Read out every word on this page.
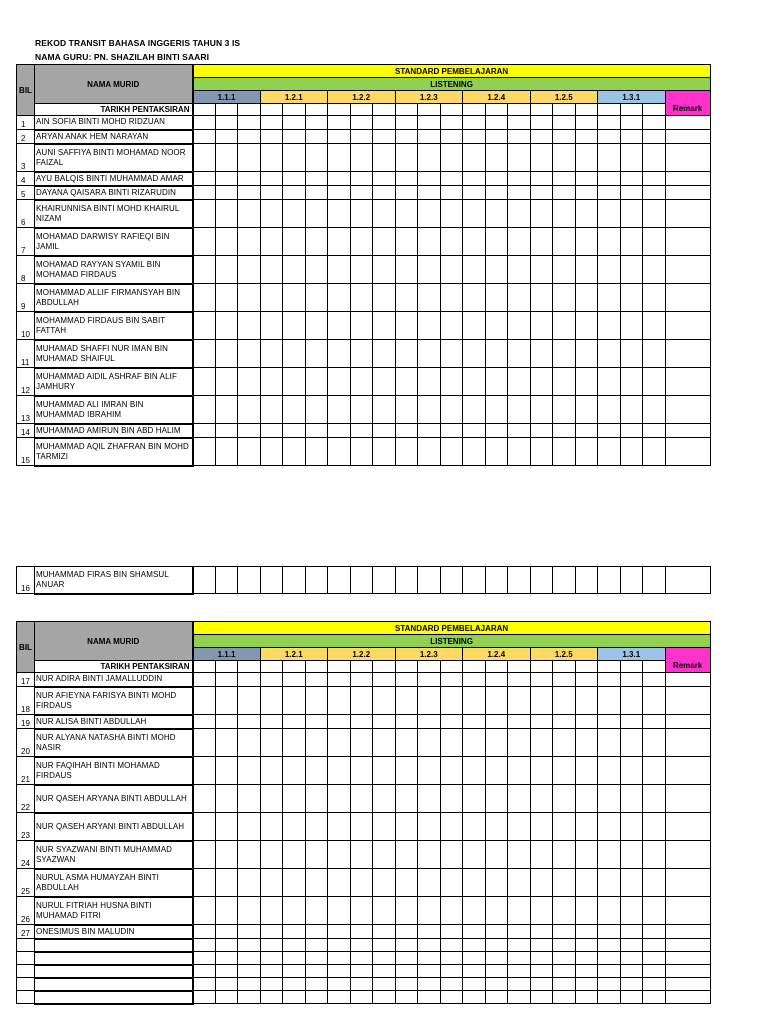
REKOD TRANSIT BAHASA INGGERIS TAHUN 3 IS
NAMA GURU: PN. SHAZILAH BINTI SAARI
BIL	NAMA MURID	STANDARD PEMBELAJARAN																					
		LISTENING																					
		1.1.1			1.2.1			1.2.2			1.2.3			1.2.4			1.2.5			1.3.1			Remark
	TARIKH PENTAKSIRAN																						
1	AIN SOFIA BINTI MOHD RIDZUAN																						
2	ARYAN ANAK HEM NARAYAN																						
3	AUNI SAFFIYA BINTI MOHAMAD NOOR FAIZAL																						
4	AYU BALQIS BINTI MUHAMMAD AMAR																						
5	DAYANA QAISARA BINTI RIZARUDIN																						
6	KHAIRUNNISA BINTI MOHD KHAIRUL NIZAM																						
7	MOHAMAD DARWISY RAFIEQI BIN JAMIL																						
8	MOHAMAD RAYYAN SYAMIL BIN MOHAMAD FIRDAUS																						
9	MOHAMMAD ALLIF FIRMANSYAH BIN ABDULLAH																						
10	MOHAMMAD FIRDAUS BIN SABIT FATTAH																						
11	MUHAMAD SHAFFI NUR IMAN BIN MUHAMAD SHAIFUL																						
12	MUHAMMAD AIDIL ASHRAF BIN ALIF JAMHURY																						
13	MUHAMMAD ALI IMRAN BIN MUHAMMAD IBRAHIM																						
14	MUHAMMAD AMIRUN BIN ABD HALIM																						
15	MUHAMMAD AQIL ZHAFRAN BIN MOHD TARMIZI																						
16	MUHAMMAD FIRAS BIN SHAMSUL ANUAR																						
BIL	NAMA MURID	STANDARD PEMBELAJARAN																					
		LISTENING																					
		1.1.1			1.2.1			1.2.2			1.2.3			1.2.4			1.2.5			1.3.1			Remark
	TARIKH PENTAKSIRAN																						
17	NUR ADIRA BINTI JAMALLUDDIN																						
18	NUR AFIEYNA FARISYA BINTI MOHD FIRDAUS																						
19	NUR ALISA BINTI ABDULLAH																						
20	NUR ALYANA NATASHA BINTI MOHD NASIR																						
21	NUR FAQIHAH BINTI MOHAMAD FIRDAUS																						
22	NUR QASEH ARYANA BINTI ABDULLAH																						
23	NUR QASEH ARYANI BINTI ABDULLAH																						
24	NUR SYAZWANI BINTI MUHAMMAD SYAZWAN																						
25	NURUL ASMA HUMAYZAH BINTI ABDULLAH																						
26	NURUL FITRIAH HUSNA BINTI MUHAMAD FITRI																						
27	ONESIMUS BIN MALUDIN																						
